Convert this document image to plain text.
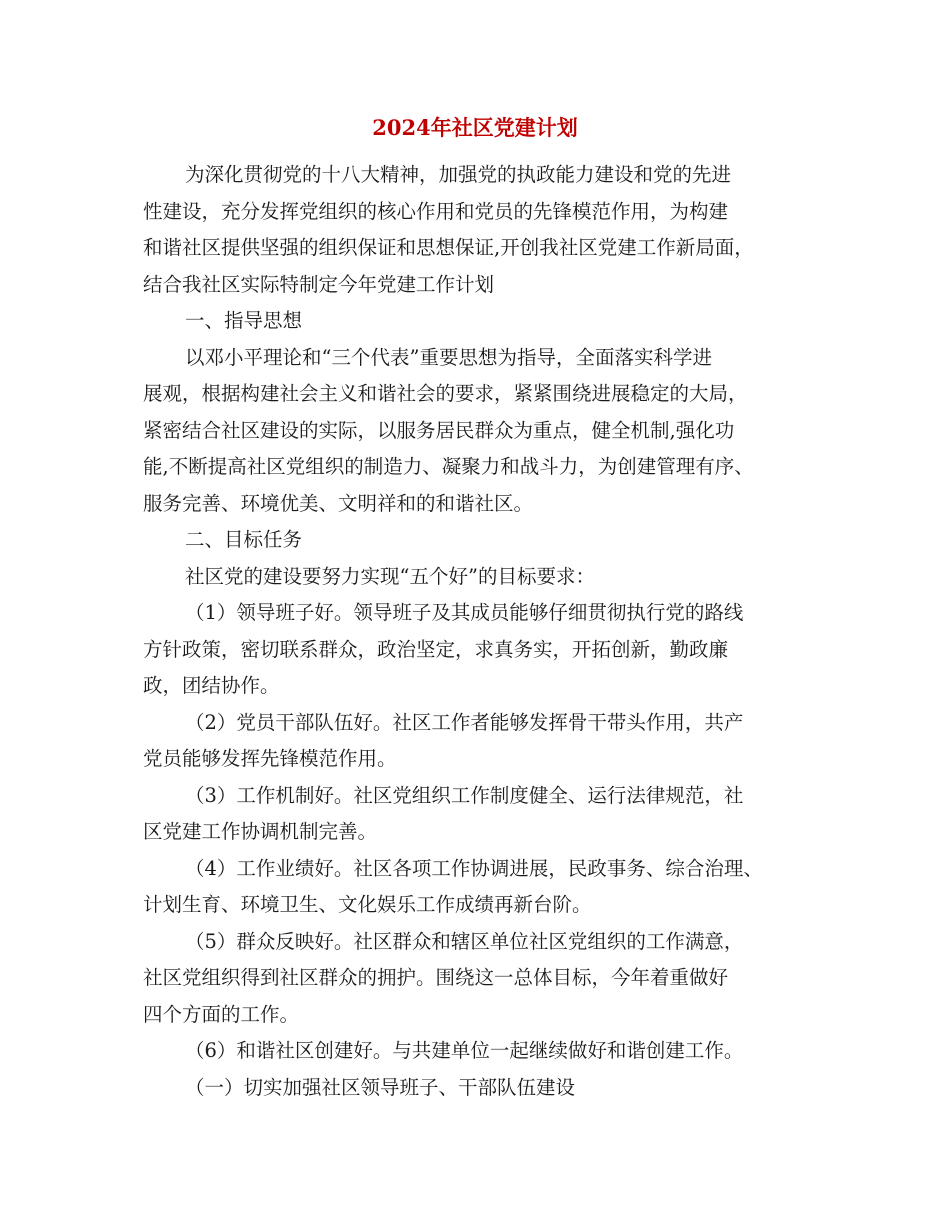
2024年社区党建计划
为深化贯彻党的十八大精神，加强党的执政能力建设和党的先进
性建设，充分发挥党组织的核心作用和党员的先锋模范作用，为构建
和谐社区提供坚强的组织保证和思想保证,开创我社区党建工作新局面，
结合我社区实际特制定今年党建工作计划
一、指导思想
以邓小平理论和“三个代表”重要思想为指导，全面落实科学进
展观，根据构建社会主义和谐社会的要求，紧紧围绕进展稳定的大局，
紧密结合社区建设的实际，以服务居民群众为重点，健全机制,强化功
能,不断提高社区党组织的制造力、凝聚力和战斗力，为创建管理有序、
服务完善、环境优美、文明祥和的和谐社区。
二、目标任务
社区党的建设要努力实现“五个好”的目标要求：
（1）领导班子好。领导班子及其成员能够仔细贯彻执行党的路线
方针政策，密切联系群众，政治坚定，求真务实，开拓创新，勤政廉
政，团结协作。
（2）党员干部队伍好。社区工作者能够发挥骨干带头作用，共产
党员能够发挥先锋模范作用。
（3）工作机制好。社区党组织工作制度健全、运行法律规范，社
区党建工作协调机制完善。
（4）工作业绩好。社区各项工作协调进展，民政事务、综合治理、
计划生育、环境卫生、文化娱乐工作成绩再新台阶。
（5）群众反映好。社区群众和辖区单位社区党组织的工作满意，
社区党组织得到社区群众的拥护。围绕这一总体目标，今年着重做好
四个方面的工作。
（6）和谐社区创建好。与共建单位一起继续做好和谐创建工作。
（一）切实加强社区领导班子、干部队伍建设
